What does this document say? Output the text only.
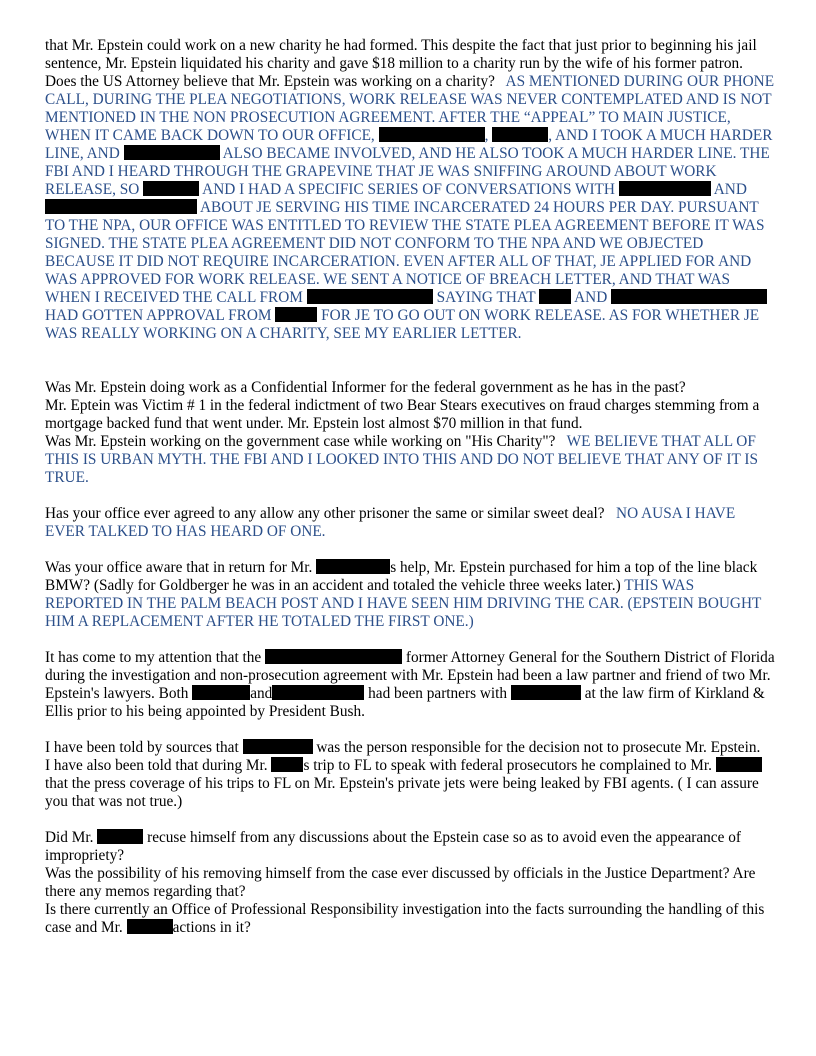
that Mr. Epstein could work on a new charity he had formed. This despite the fact that just prior to beginning his jail sentence, Mr. Epstein liquidated his charity and gave $18 million to a charity run by the wife of his former patron.

Does the US Attorney believe that Mr. Epstein was working on a charity? AS MENTIONED DURING OUR PHONE CALL, DURING THE PLEA NEGOTIATIONS, WORK RELEASE WAS NEVER CONTEMPLATED AND IS NOT MENTIONED IN THE NON PROSECUTION AGREEMENT. AFTER THE “APPEAL” TO MAIN JUSTICE, WHEN IT CAME BACK DOWN TO OUR OFFICE,	,	, AND I TOOK A MUCH HARDER LINE, AND	ALSO BECAME INVOLVED, AND HE ALSO TOOK A MUCH HARDER LINE. THE FBI AND I HEARD THROUGH THE GRAPEVINE THAT JE WAS SNIFFING AROUND ABOUT WORK RELEASE, SO	AND I HAD A SPECIFIC SERIES OF CONVERSATIONS WITH	AND  ABOUT JE SERVING HIS TIME INCARCERATED 24 HOURS PER DAY. PURSUANT TO THE NPA, OUR OFFICE WAS ENTITLED TO REVIEW THE STATE PLEA AGREEMENT BEFORE IT WAS SIGNED. THE STATE PLEA AGREEMENT DID NOT CONFORM TO THE NPA AND WE OBJECTED BECAUSE IT DID NOT REQUIRE INCARCERATION. EVEN AFTER ALL OF THAT, JE APPLIED FOR AND WAS APPROVED FOR WORK RELEASE. WE SENT A NOTICE OF BREACH LETTER, AND THAT WAS WHEN I RECEIVED THE CALL FROM	SAYING THAT	AND  HAD GOTTEN APPROVAL FROM	FOR JE TO GO OUT ON WORK RELEASE. AS FOR WHETHER JE WAS REALLY WORKING ON A CHARITY, SEE MY EARLIER LETTER.

Was Mr. Epstein doing work as a Confidential Informer for the federal government as he has in the past?
Mr. Eptein was Victim # 1 in the federal indictment of two Bear Stears executives on fraud charges stemming from a mortgage backed fund that went under. Mr. Epstein lost almost $70 million in that fund.
Was Mr. Epstein working on the government case while working on "His Charity"? WE BELIEVE THAT ALL OF THIS IS URBAN MYTH. THE FBI AND I LOOKED INTO THIS AND DO NOT BELIEVE THAT ANY OF IT IS TRUE.

Has your office ever agreed to any allow any other prisoner the same or similar sweet deal? NO AUSA I HAVE EVER TALKED TO HAS HEARD OF ONE.

Was your office aware that in return for Mr.	s help, Mr. Epstein purchased for him a top of the line black BMW? (Sadly for Goldberger he was in an accident and totaled the vehicle three weeks later.) THIS WAS REPORTED IN THE PALM BEACH POST AND I HAVE SEEN HIM DRIVING THE CAR. (EPSTEIN BOUGHT HIM A REPLACEMENT AFTER HE TOTALED THE FIRST ONE.)

It has come to my attention that the	former Attorney General for the Southern District of Florida during the investigation and non-prosecution agreement with Mr. Epstein had been a law partner and friend of two Mr. Epstein's lawyers. Both	and	had been partners with	at the law firm of Kirkland & Ellis prior to his being appointed by President Bush.

I have been told by sources that	was the person responsible for the decision not to prosecute Mr. Epstein.
I have also been told that during Mr. s trip to FL to speak with federal prosecutors he complained to Mr. that the press coverage of his trips to FL on Mr. Epstein's private jets were being leaked by FBI agents. ( I can assure you that was not true.)

Did Mr.	recuse himself from any discussions about the Epstein case so as to avoid even the appearance of impropriety?
Was the possibility of his removing himself from the case ever discussed by officials in the Justice Department? Are there any memos regarding that?
Is there currently an Office of Professional Responsibility investigation into the facts surrounding the handling of this case and Mr.	actions in it?
